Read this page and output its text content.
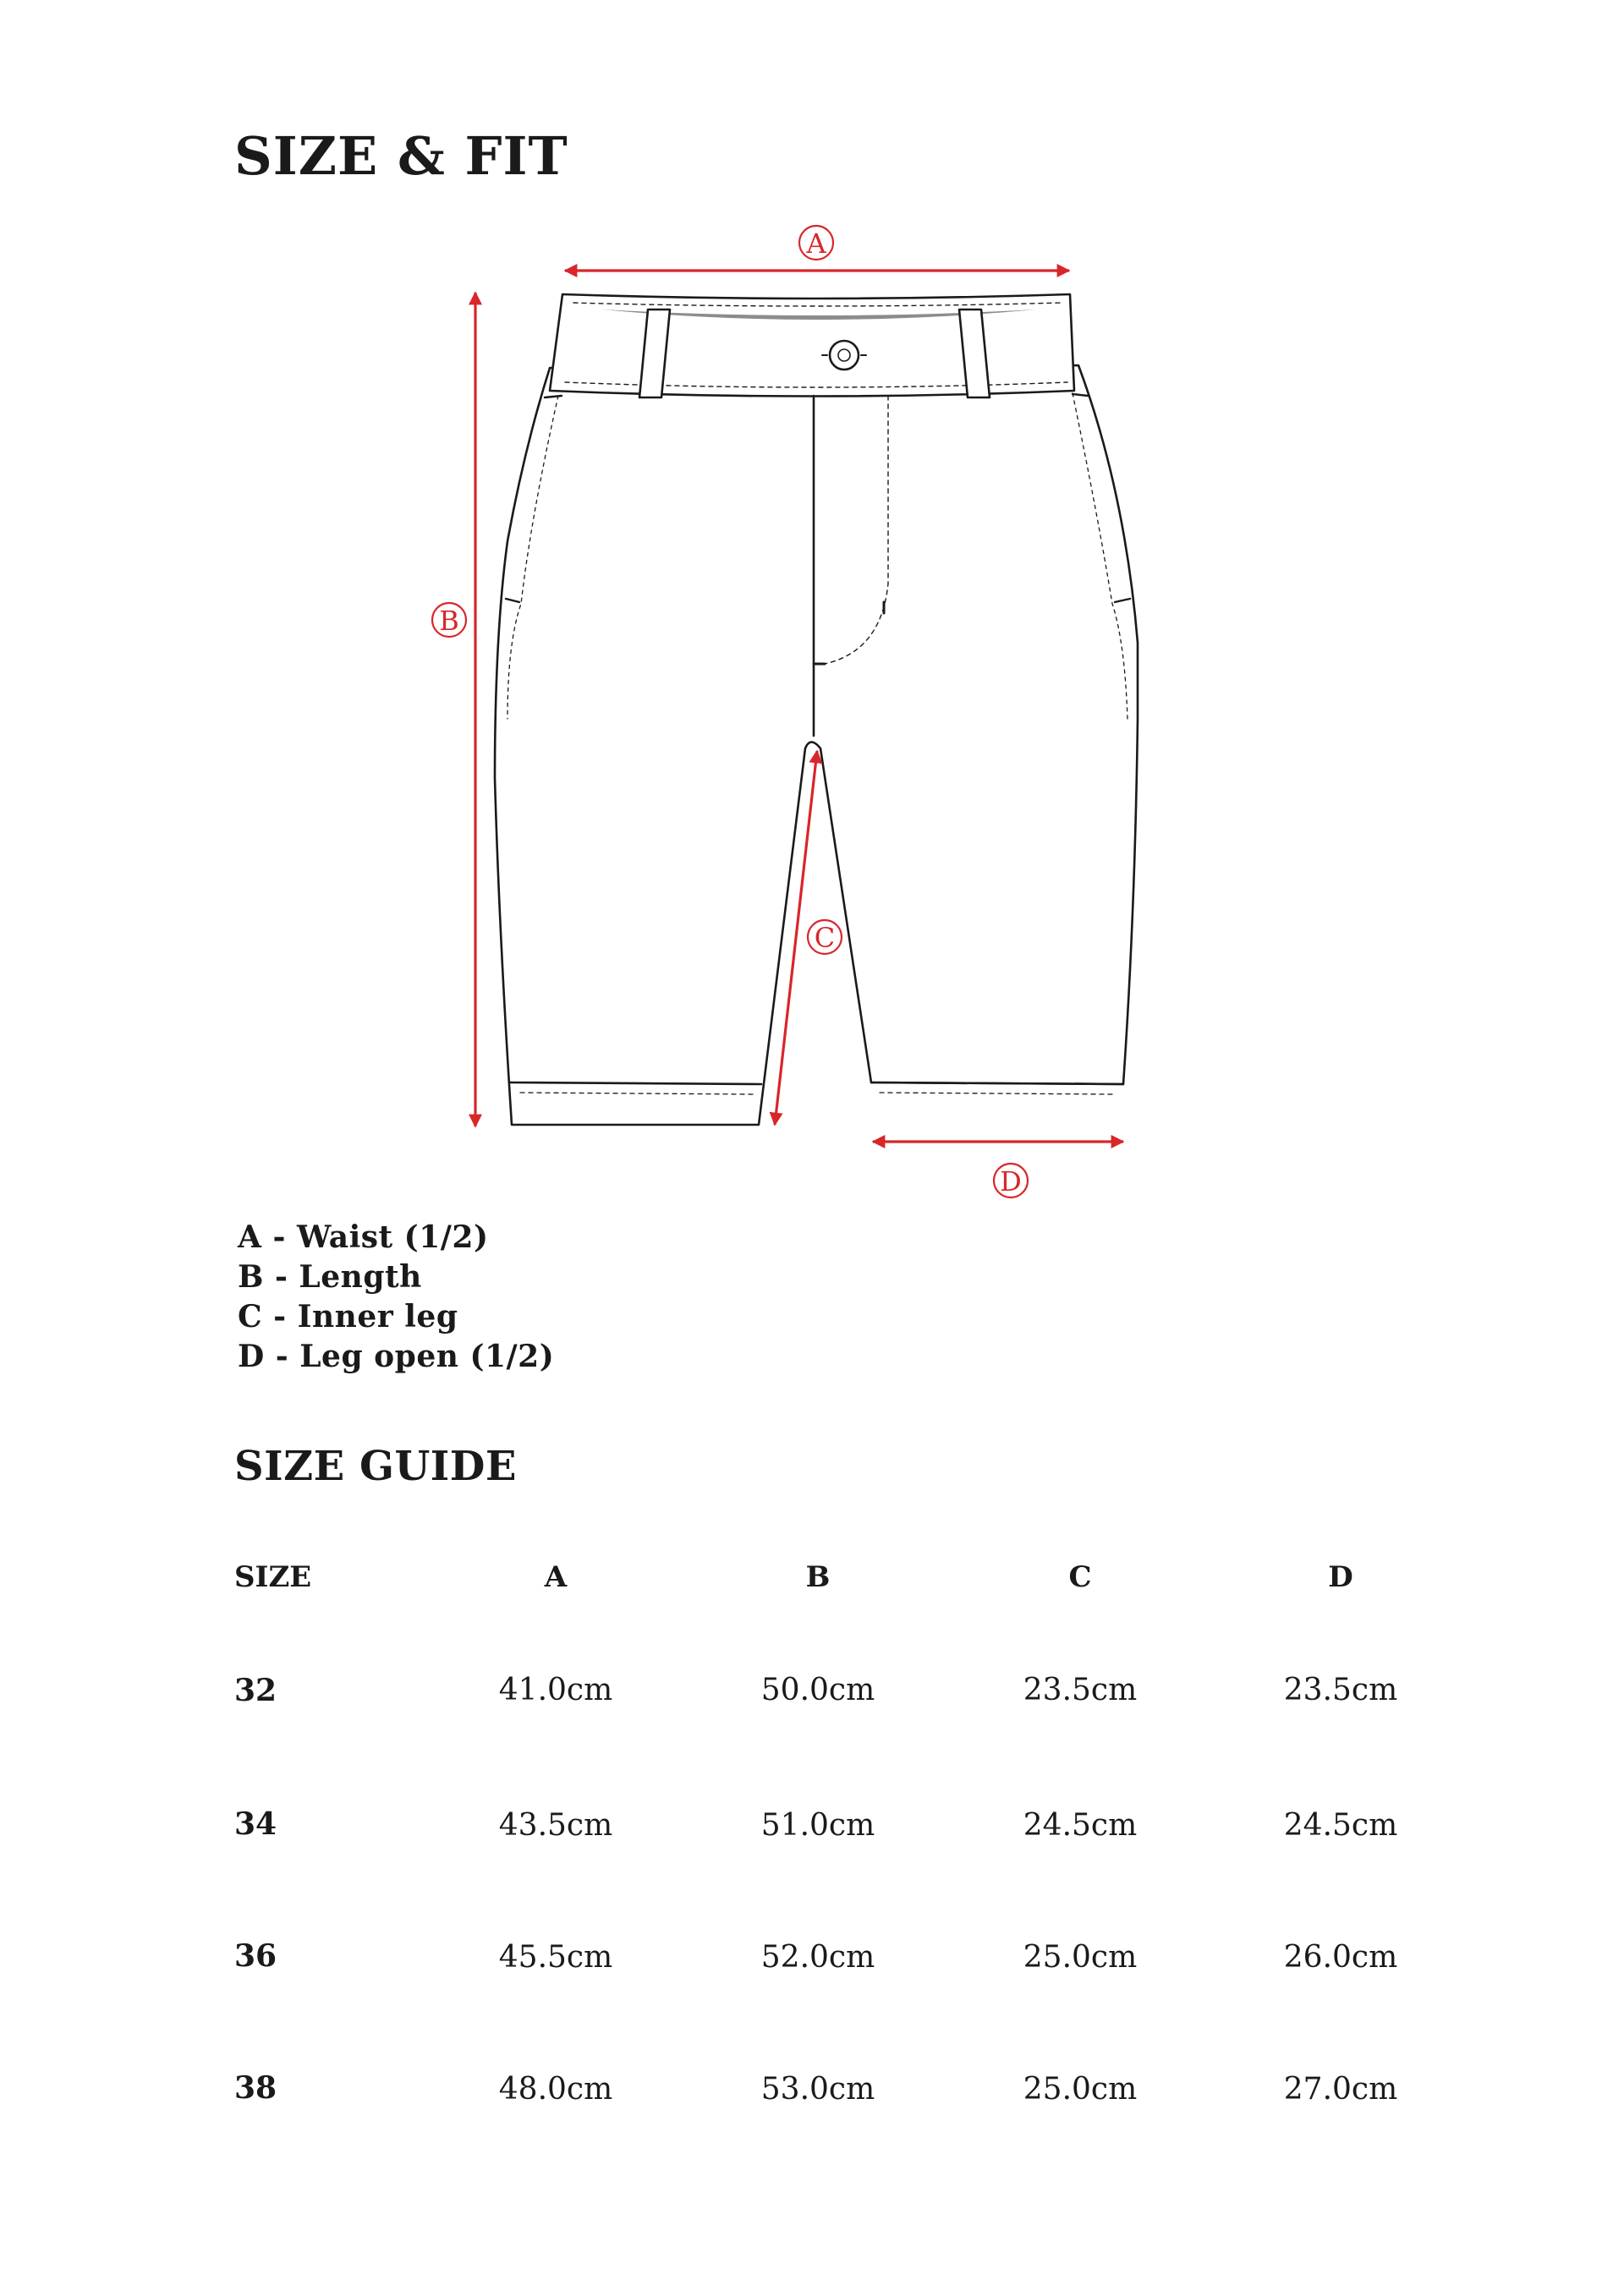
SIZE & FIT
A
B
C
D
A - Waist (1/2)
B - Length
C - Inner leg
D - Leg open (1/2)
SIZE GUIDE
SIZE	A	B	C	D
32	41.0cm	50.0cm	23.5cm	23.5cm
34	43.5cm	51.0cm	24.5cm	24.5cm
36	45.5cm	52.0cm	25.0cm	26.0cm
38	48.0cm	53.0cm	25.0cm	27.0cm
